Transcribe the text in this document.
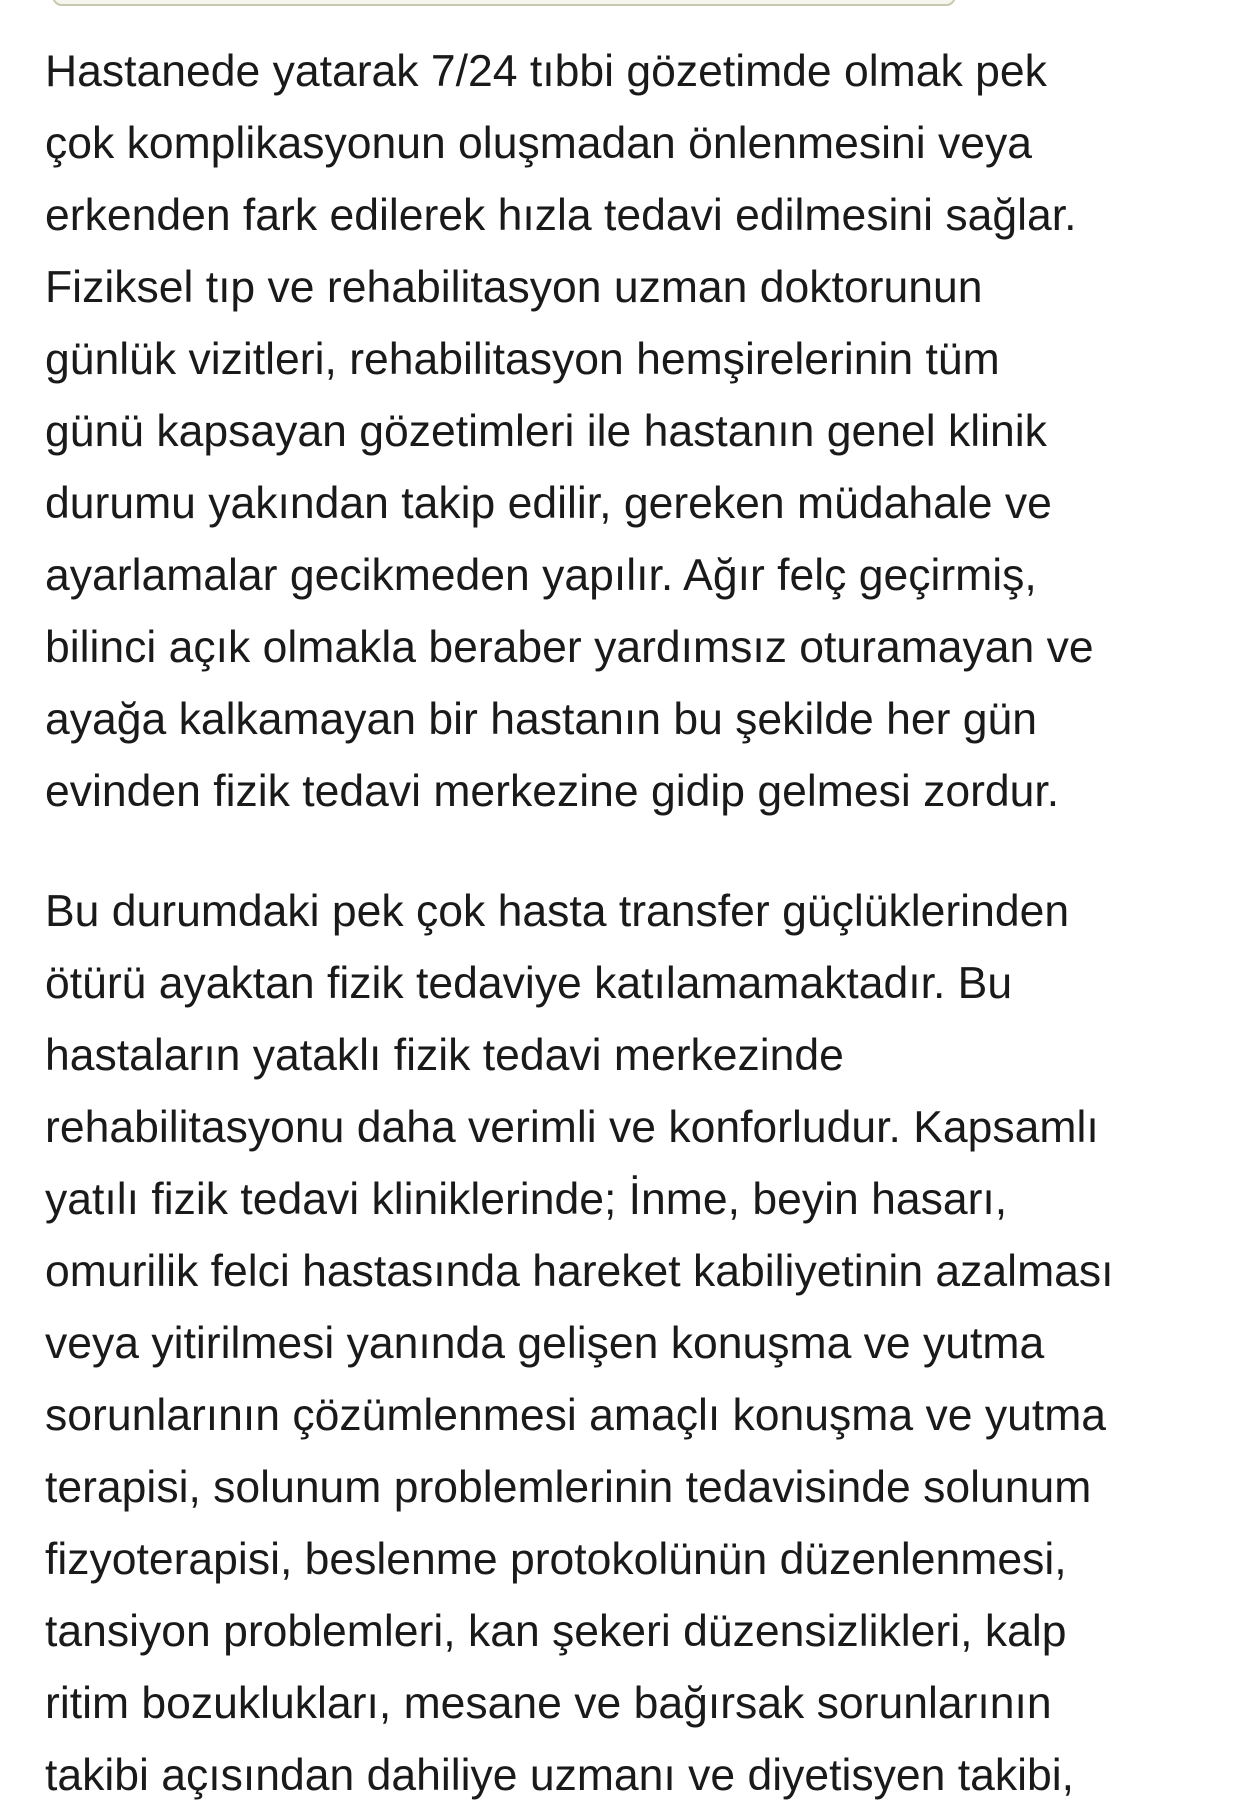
Hastanede yatarak 7/24 tıbbi gözetimde olmak pek
çok komplikasyonun oluşmadan önlenmesini veya
erkenden fark edilerek hızla tedavi edilmesini sağlar.
Fiziksel tıp ve rehabilitasyon uzman doktorunun
günlük vizitleri, rehabilitasyon hemşirelerinin tüm
günü kapsayan gözetimleri ile hastanın genel klinik
durumu yakından takip edilir, gereken müdahale ve
ayarlamalar gecikmeden yapılır. Ağır felç geçirmiş,
bilinci açık olmakla beraber yardımsız oturamayan ve
ayağa kalkamayan bir hastanın bu şekilde her gün
evinden fizik tedavi merkezine gidip gelmesi zordur.

Bu durumdaki pek çok hasta transfer güçlüklerinden
ötürü ayaktan fizik tedaviye katılamamaktadır. Bu
hastaların yataklı fizik tedavi merkezinde
rehabilitasyonu daha verimli ve konforludur. Kapsamlı
yatılı fizik tedavi kliniklerinde; İnme, beyin hasarı,
omurilik felci hastasında hareket kabiliyetinin azalması
veya yitirilmesi yanında gelişen konuşma ve yutma
sorunlarının çözümlenmesi amaçlı konuşma ve yutma
terapisi, solunum problemlerinin tedavisinde solunum
fizyoterapisi, beslenme protokolünün düzenlenmesi,
tansiyon problemleri, kan şekeri düzensizlikleri, kalp
ritim bozuklukları, mesane ve bağırsak sorunlarının
takibi açısından dahiliye uzmanı ve diyetisyen takibi,
